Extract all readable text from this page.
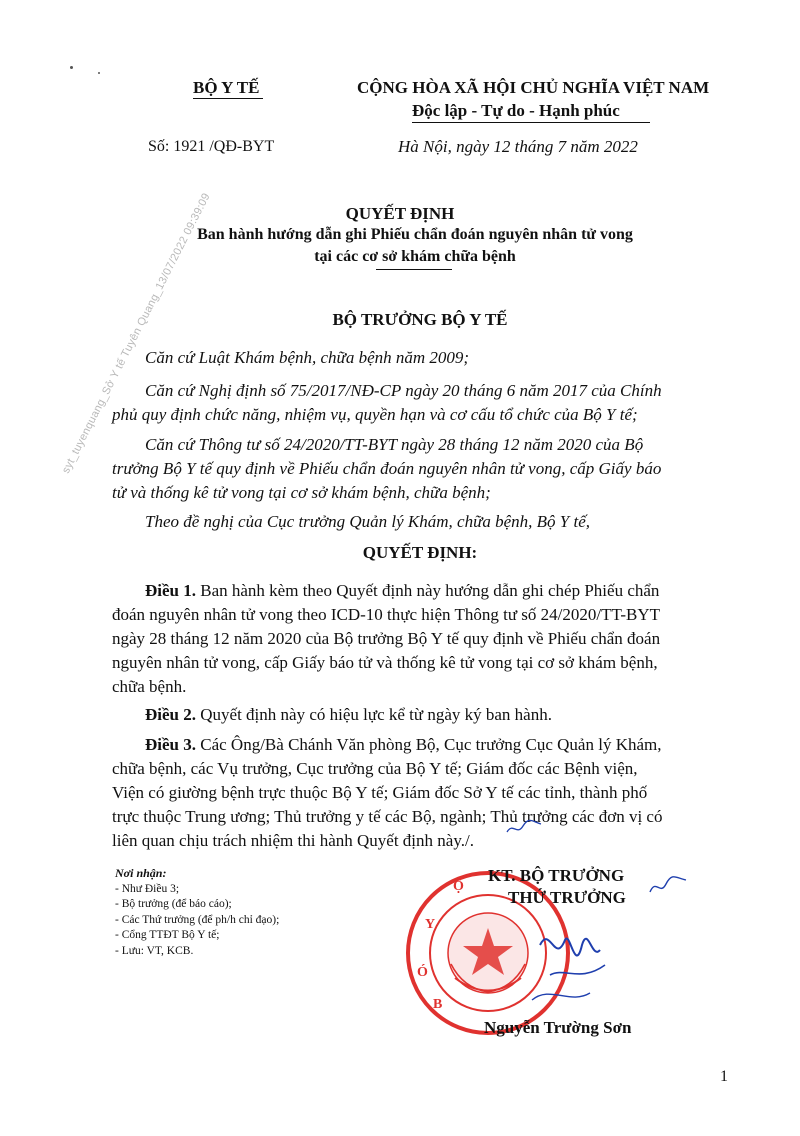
BỘ Y TẾ
Số: 1921 /QĐ-BYT
CỘNG HÒA XÃ HỘI CHỦ NGHĨA VIỆT NAM
Độc lập - Tự do - Hạnh phúc
Hà Nội, ngày 12 tháng 7 năm 2022
syt_tuyenquang_Sở Y tế Tuyên Quang_13/07/2022 09:39:09	QUYẾT ĐỊNH
Ban hành hướng dẫn ghi Phiếu chẩn đoán nguyên nhân tử vong
tại các cơ sở khám chữa bệnh
BỘ TRƯỞNG BỘ Y TẾ
Căn cứ Luật Khám bệnh, chữa bệnh năm 2009;
Căn cứ Nghị định số 75/2017/NĐ-CP ngày 20 tháng 6 năm 2017 của Chính
phủ quy định chức năng, nhiệm vụ, quyền hạn và cơ cấu tổ chức của Bộ Y tế;
Căn cứ Thông tư số 24/2020/TT-BYT ngày 28 tháng 12 năm 2020 của Bộ
trưởng Bộ Y tế quy định về Phiếu chẩn đoán nguyên nhân tử vong, cấp Giấy báo
tử và thống kê tử vong tại cơ sở khám bệnh, chữa bệnh;
Theo đề nghị của Cục trưởng Quản lý Khám, chữa bệnh, Bộ Y tế,
QUYẾT ĐỊNH:
Điều 1. Ban hành kèm theo Quyết định này hướng dẫn ghi chép Phiếu chẩn
đoán nguyên nhân tử vong theo ICD-10 thực hiện Thông tư số 24/2020/TT-BYT
ngày 28 tháng 12 năm 2020 của Bộ trưởng Bộ Y tế quy định về Phiếu chẩn đoán
nguyên nhân tử vong, cấp Giấy báo tử và thống kê tử vong tại cơ sở khám bệnh,
chữa bệnh.
Điều 2. Quyết định này có hiệu lực kể từ ngày ký ban hành.
Điều 3. Các Ông/Bà Chánh Văn phòng Bộ, Cục trưởng Cục Quản lý Khám,
chữa bệnh, các Vụ trưởng, Cục trưởng của Bộ Y tế; Giám đốc các Bệnh viện,
Viện có giường bệnh trực thuộc Bộ Y tế; Giám đốc Sở Y tế các tỉnh, thành phố
trực thuộc Trung ương; Thủ trưởng y tế các Bộ, ngành; Thủ trưởng các đơn vị có
liên quan chịu trách nhiệm thi hành Quyết định này./.
Nơi nhận:
- Như Điều 3;
- Bộ trưởng (để báo cáo);
- Các Thứ trưởng (để ph/h chỉ đạo);
- Cổng TTĐT Bộ Y tế;
- Lưu: VT, KCB.
Y
Ộ
Ó
B
KT. BỘ TRƯỞNG
THỨ TRƯỞNG
Nguyễn Trường Sơn
1
